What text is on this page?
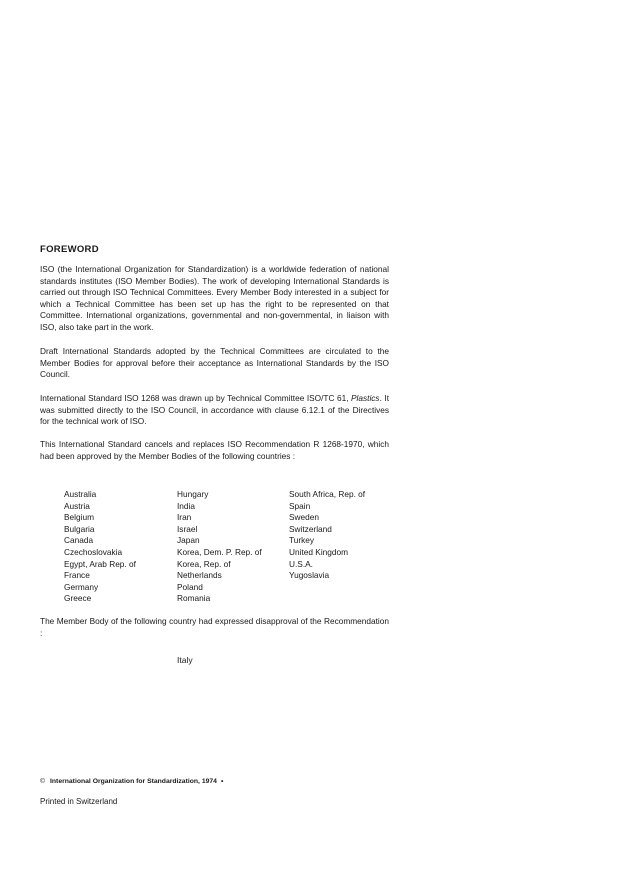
FOREWORD

ISO (the International Organization for Standardization) is a worldwide federation of national standards institutes (ISO Member Bodies). The work of developing International Standards is carried out through ISO Technical Committees. Every Member Body interested in a subject for which a Technical Committee has been set up has the right to be represented on that Committee. International organizations, governmental and non-governmental, in liaison with ISO, also take part in the work.

Draft International Standards adopted by the Technical Committees are circulated to the Member Bodies for approval before their acceptance as International Standards by the ISO Council.

International Standard ISO 1268 was drawn up by Technical Committee ISO/TC 61, Plastics. It was submitted directly to the ISO Council, in accordance with clause 6.12.1 of the Directives for the technical work of ISO.

This International Standard cancels and replaces ISO Recommendation R 1268-1970, which had been approved by the Member Bodies of the following countries :

Australia
Austria
Belgium
Bulgaria
Canada
Czechoslovakia
Egypt, Arab Rep. of
France
Germany
Greece
Hungary
India
Iran
Israel
Japan
Korea, Dem. P. Rep. of
Korea, Rep. of
Netherlands
Poland
Romania
South Africa, Rep. of
Spain
Sweden
Switzerland
Turkey
United Kingdom
U.S.A.
Yugoslavia

The Member Body of the following country had expressed disapproval of the Recommendation :

Italy
© International Organization for Standardization, 1974 •
Printed in Switzerland
